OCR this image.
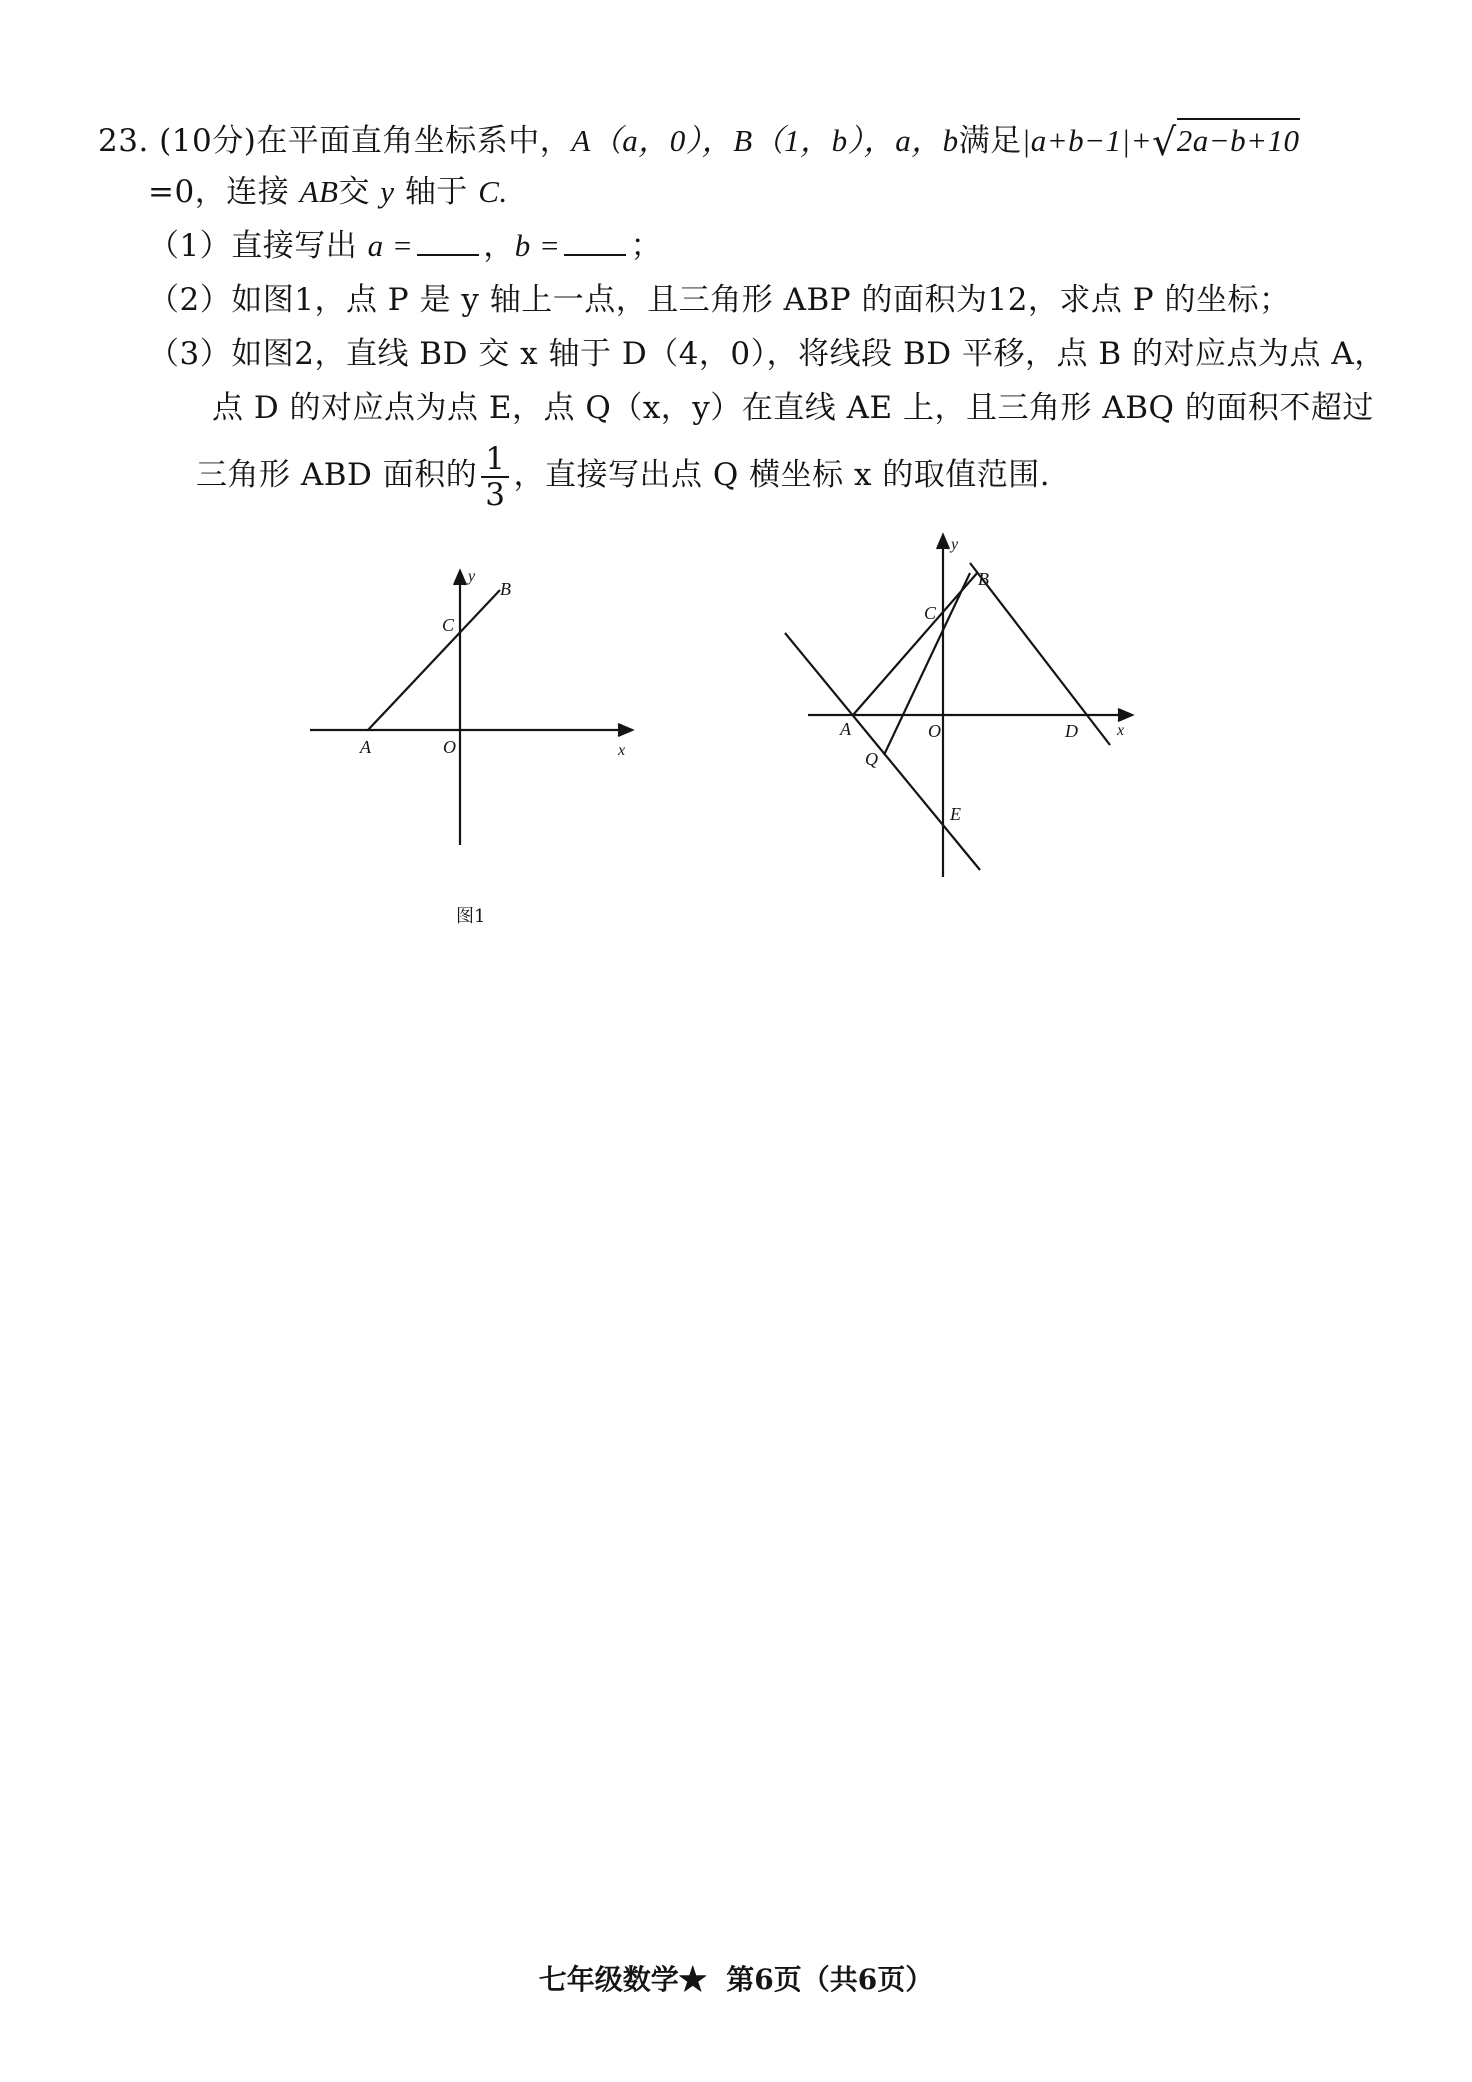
23. (10分)在平面直角坐标系中，A（a，0），B（1，b），a，b满足|a+b−1|+√2a−b+10
=0，连接 AB交 y 轴于 C.
（1）直接写出 a = ，b = ；
（2）如图1，点 P 是 y 轴上一点，且三角形 ABP 的面积为12，求点 P 的坐标；
（3）如图2，直线 BD 交 x 轴于 D（4，0），将线段 BD 平移，点 B 的对应点为点 A，
点 D 的对应点为点 E，点 Q（x，y）在直线 AE 上，且三角形 ABQ 的面积不超过
三角形 ABD 面积的 $\frac{1}{3}$ ，直接写出点 Q 横坐标 x 的取值范围.
y
x
O
A
B
C
图1
y
x
O
A
B
C
D
Q
E
七年级数学★ 第6页（共6页）
